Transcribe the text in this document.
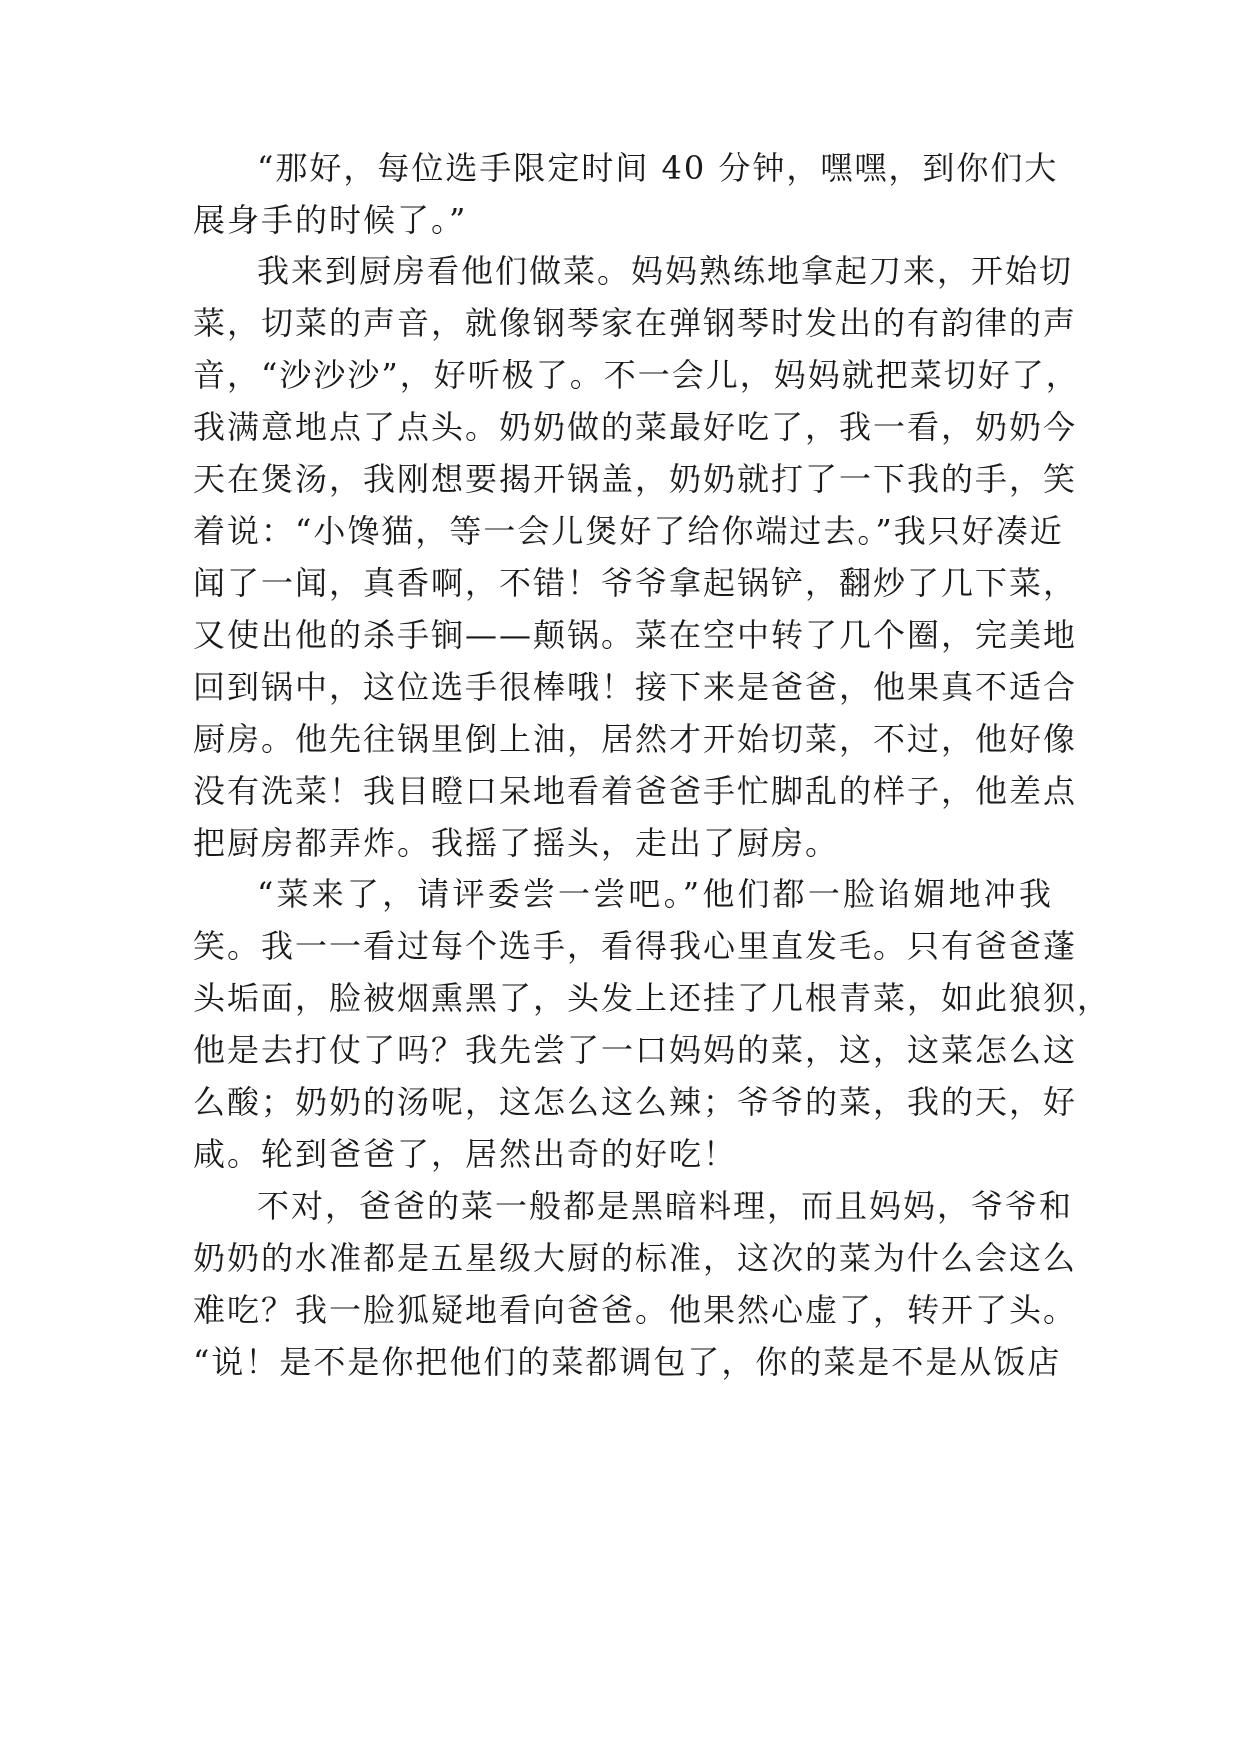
“那好，每位选手限定时间 40 分钟，嘿嘿，到你们大
展身手的时候了。”
我来到厨房看他们做菜。妈妈熟练地拿起刀来，开始切
菜，切菜的声音，就像钢琴家在弹钢琴时发出的有韵律的声
音，“沙沙沙”，好听极了。不一会儿，妈妈就把菜切好了，
我满意地点了点头。奶奶做的菜最好吃了，我一看，奶奶今
天在煲汤，我刚想要揭开锅盖，奶奶就打了一下我的手，笑
着说：“小馋猫，等一会儿煲好了给你端过去。”我只好凑近
闻了一闻，真香啊，不错！爷爷拿起锅铲，翻炒了几下菜，
又使出他的杀手锏——颠锅。菜在空中转了几个圈，完美地
回到锅中，这位选手很棒哦！接下来是爸爸，他果真不适合
厨房。他先往锅里倒上油，居然才开始切菜，不过，他好像
没有洗菜！我目瞪口呆地看着爸爸手忙脚乱的样子，他差点
把厨房都弄炸。我摇了摇头，走出了厨房。
“菜来了，请评委尝一尝吧。”他们都一脸谄媚地冲我
笑。我一一看过每个选手，看得我心里直发毛。只有爸爸蓬
头垢面，脸被烟熏黑了，头发上还挂了几根青菜，如此狼狈，
他是去打仗了吗？我先尝了一口妈妈的菜，这，这菜怎么这
么酸；奶奶的汤呢，这怎么这么辣；爷爷的菜，我的天，好
咸。轮到爸爸了，居然出奇的好吃！
不对，爸爸的菜一般都是黑暗料理，而且妈妈，爷爷和
奶奶的水准都是五星级大厨的标准，这次的菜为什么会这么
难吃？我一脸狐疑地看向爸爸。他果然心虚了，转开了头。
“说！是不是你把他们的菜都调包了，你的菜是不是从饭店
